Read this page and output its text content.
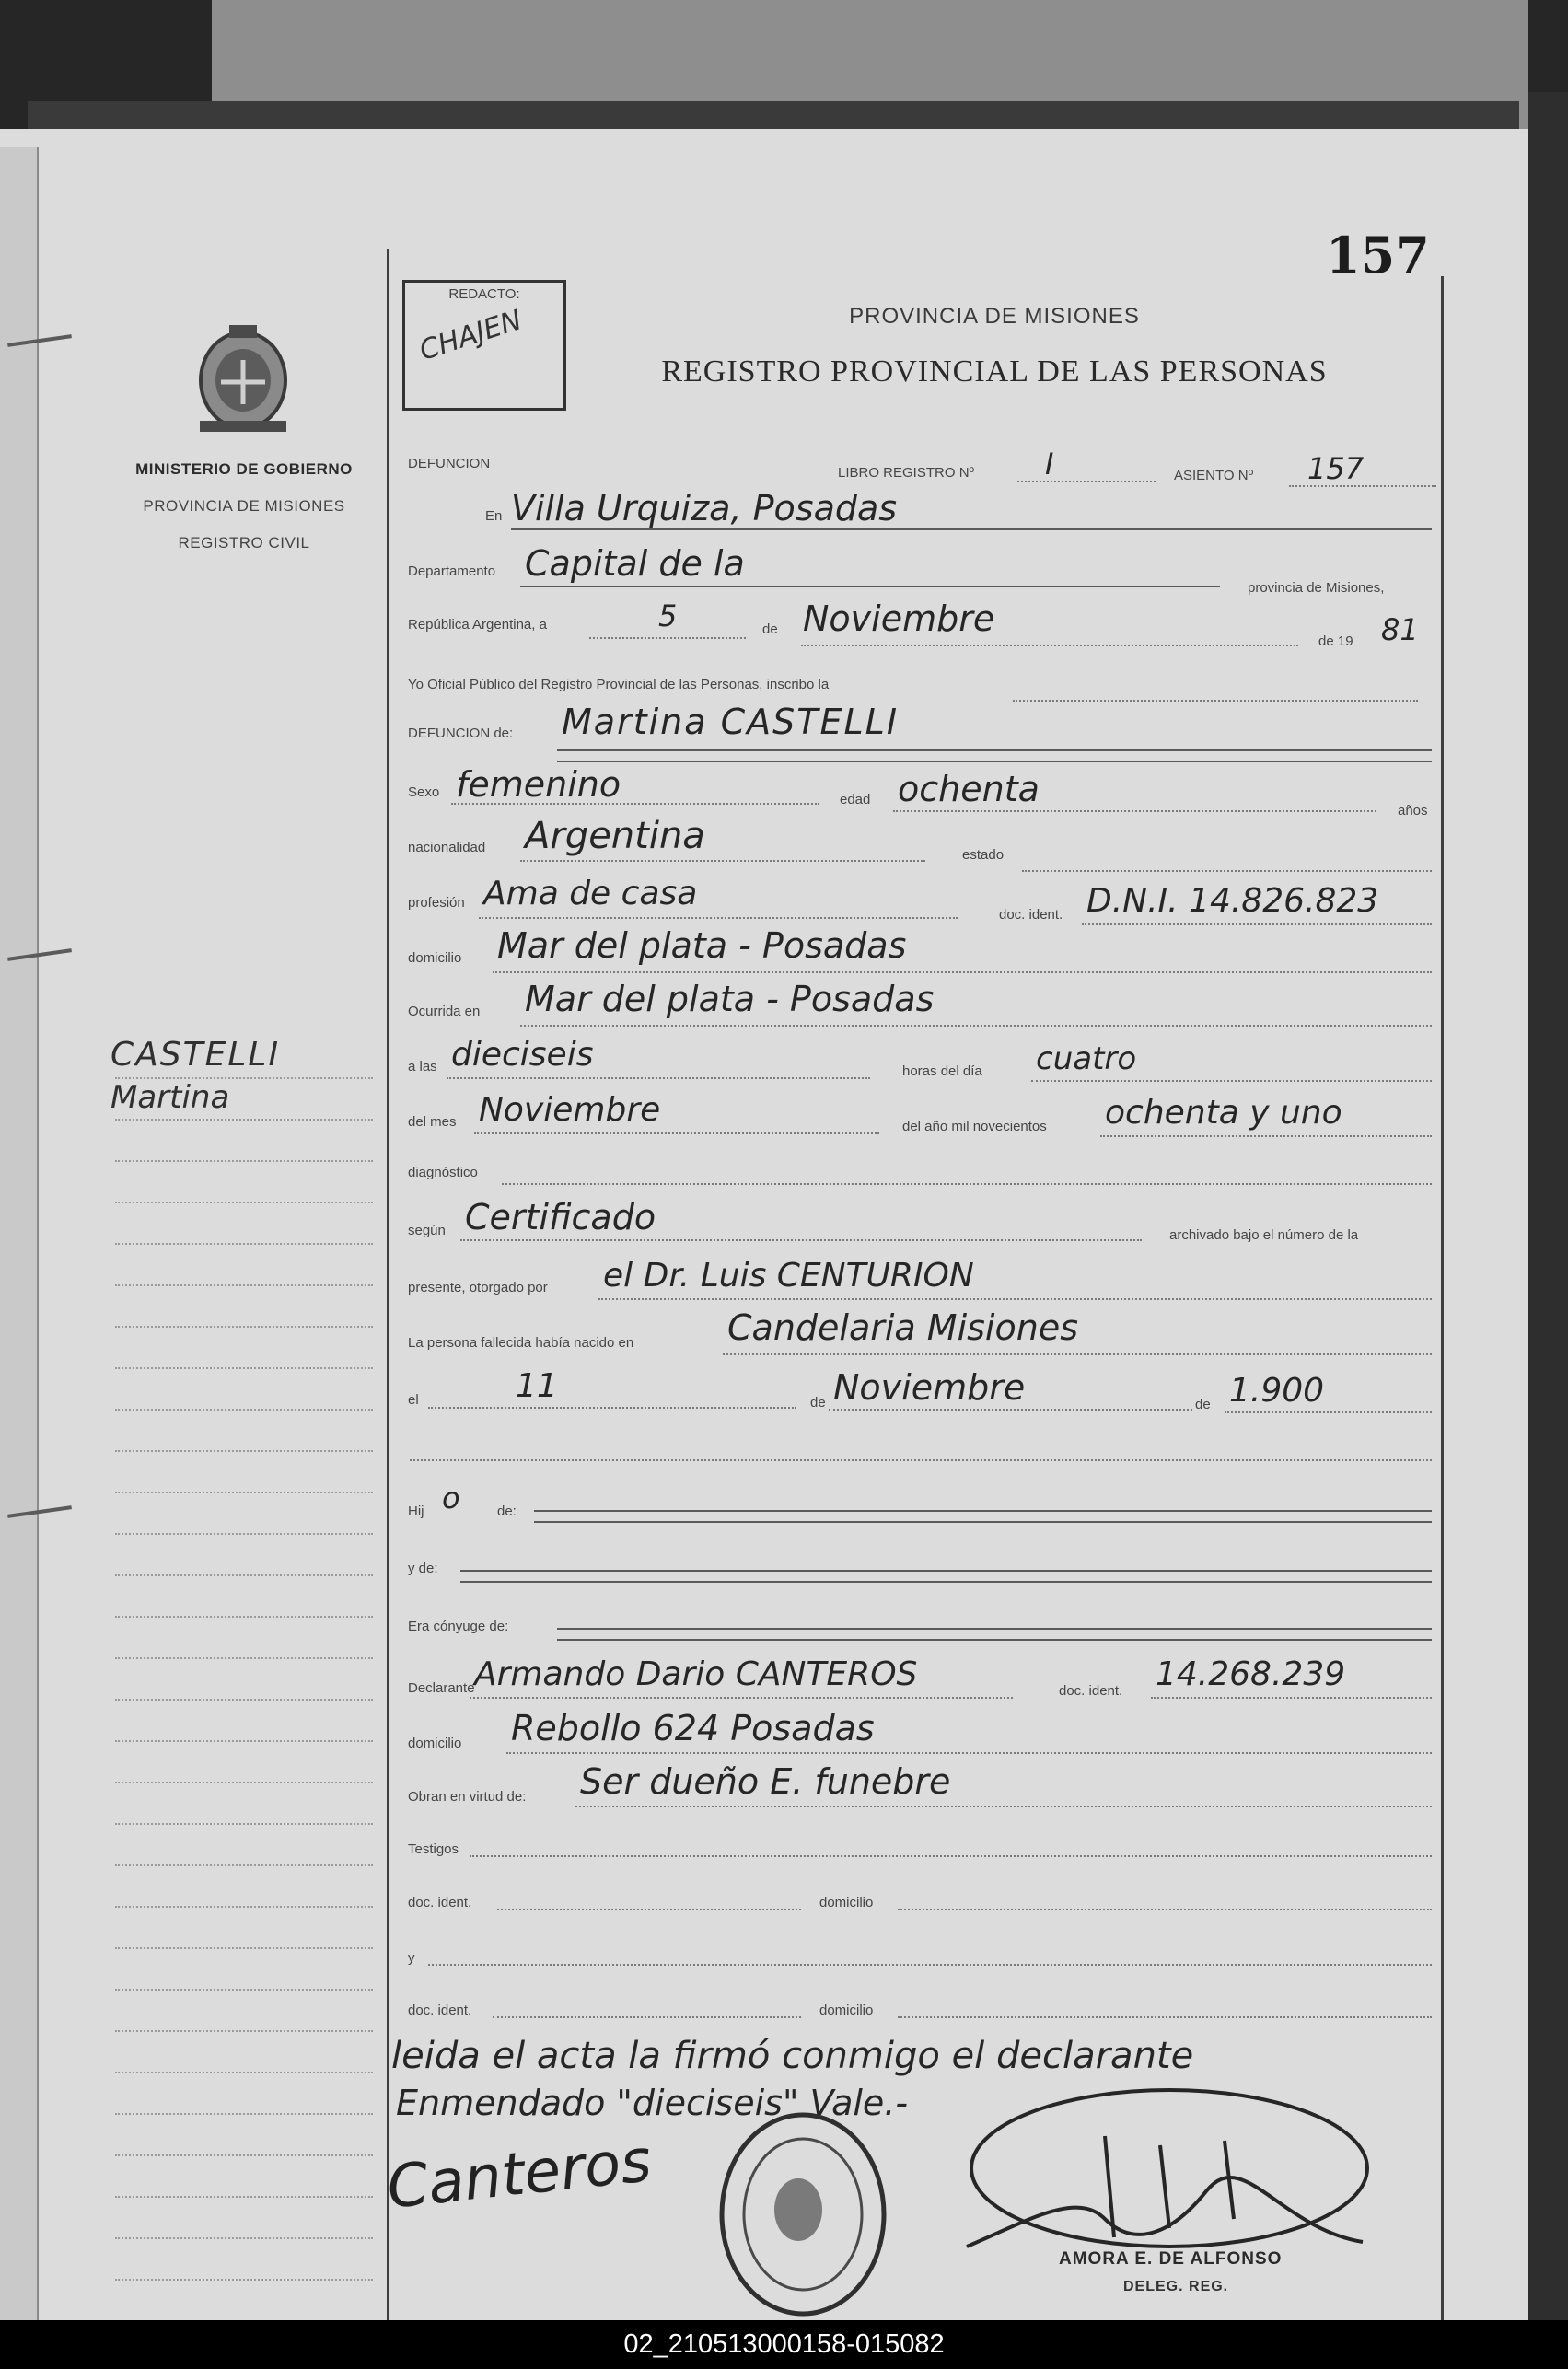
MINISTERIO DE GOBIERNO
PROVINCIA DE MISIONES
REGISTRO CIVIL
CASTELLI
Martina
REDACTO:
CHAJEN
157
PROVINCIA DE MISIONES
REGISTRO PROVINCIAL DE LAS PERSONAS
DEFUNCION
LIBRO REGISTRO Nº I	ASIENTO Nº 157
En Villa Urquiza, Posadas
Departamento Capital de la
provincia de Misiones,
República Argentina, a	5	de Noviembre
de 19 81
Yo Oficial Público del Registro Provincial de las Personas, inscribo la
DEFUNCION de: Martina CASTELLI
Sexo femenino	edad ochenta
años
nacionalidad Argentina	estado
profesión Ama de casa
doc. ident. D.N.I. 14.826.823
domicilio Mar del plata - Posadas
Ocurrida en Mar del plata - Posadas
a las dieciseis	horas del día cuatro
del mes Noviembre	del año mil novecientos ochenta y uno
diagnóstico
según Certificado	archivado bajo el número de la
presente, otorgado por el Dr. Luis CENTURION
La persona fallecida había nacido en	Candelaria Misiones
el	11	de Noviembre	de 1.900
Hij o	de:
y de:
Era cónyuge de:
Declarante Armando Dario CANTEROS	doc. ident. 14.268.239
domicilio Rebollo 624 Posadas
Obran en virtud de: Ser dueño E. funebre
Testigos
doc. ident.	domicilio
y
doc. ident.	domicilio
leida el acta la firmó conmigo el declarante
Enmendado "dieciseis" Vale.-
Canteros
AMORA E. DE ALFONSO
DELEG. REG.
02_210513000158-015082
